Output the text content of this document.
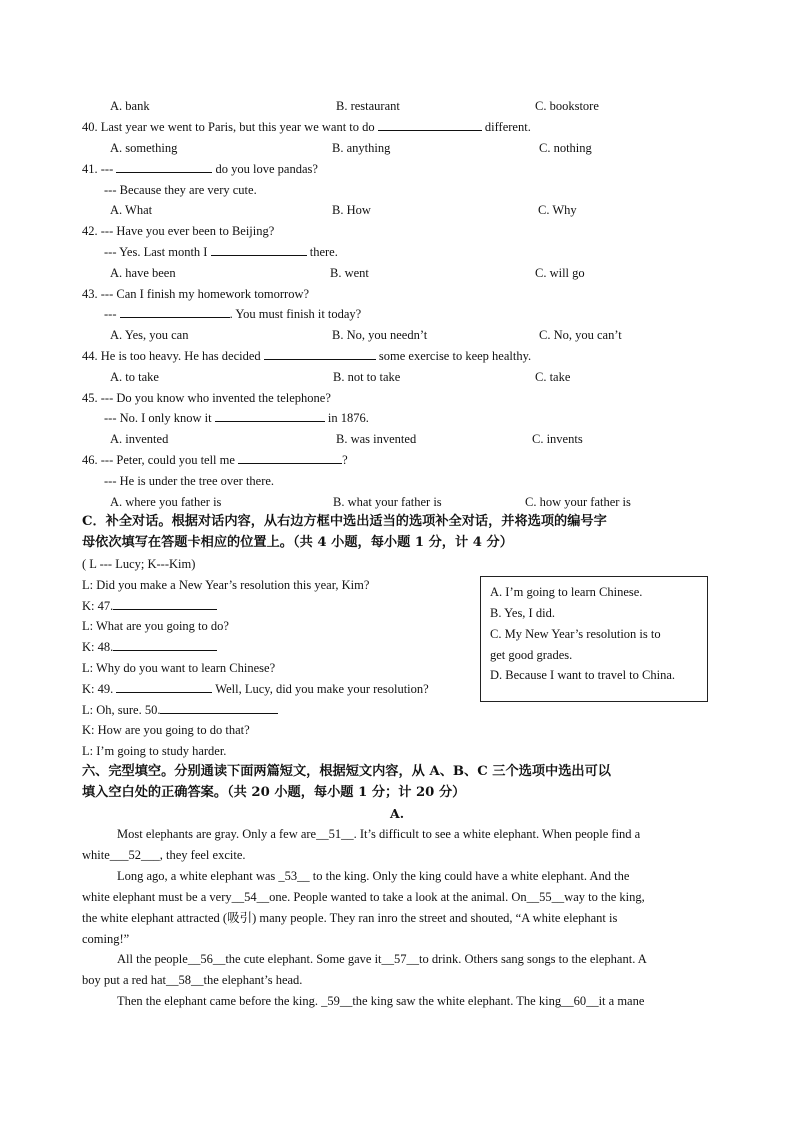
A. bank	B. restaurant	C. bookstore
40. Last year we went to Paris, but this year we want to do	different.
A. something	B. anything	C. nothing
41. ---	do you love pandas?
--- Because they are very cute.
A. What	B. How	C. Why
42. --- Have you ever been to Beijing?
--- Yes. Last month I	there.
A. have been	B. went	C. will go
43. --- Can I finish my homework tomorrow?
---	. You must finish it today?
A. Yes, you can	B. No, you needn’t	C. No, you can’t
44. He is too heavy. He has decided	some exercise to keep healthy.
A. to take	B. not to take	C. take
45. --- Do you know who invented the telephone?
--- No. I only know it	in 1876.
A. invented	B. was invented	C. invents
46. --- Peter, could you tell me	?
--- He is under the tree over there.
A. where you father is	B. what your father is	C. how your father is
C．补全对话。根据对话内容，从右边方框中选出适当的选项补全对话，并将选项的编号字
母依次填写在答题卡相应的位置上。（共 4 小题，每小题 1 分，计 4 分）
( L --- Lucy; K---Kim)
L: Did you make a New Year’s resolution this year, Kim?
K: 47.
L: What are you going to do?
K: 48.
L: Why do you want to learn Chinese?
K: 49.	Well, Lucy, did you make your resolution?
L: Oh, sure. 50.
K: How are you going to do that?
L: I’m going to study harder.
A. I’m going to learn Chinese.
B. Yes, I did.
C. My New Year’s resolution is to
get good grades.
D. Because I want to travel to China.
六、完型填空。分别通读下面两篇短文，根据短文内容，从 A、B、C 三个选项中选出可以
填入空白处的正确答案。（共 20 小题，每小题 1 分；计 20 分）
A.
Most elephants are gray. Only a few are__51__. It’s difficult to see a white elephant. When people find a
white___52___, they feel excite.
Long ago, a white elephant was _53__ to the king. Only the king could have a white elephant. And the
white elephant must be a very__54__one. People wanted to take a look at the animal. On__55__way to the king,
the white elephant attracted (吸引) many people. They ran inro the street and shouted, “A white elephant is
coming!”
All the people__56__the cute elephant. Some gave it__57__to drink. Others sang songs to the elephant. A
boy put a red hat__58__the elephant’s head.
Then the elephant came before the king. _59__the king saw the white elephant. The king__60__it a mane
